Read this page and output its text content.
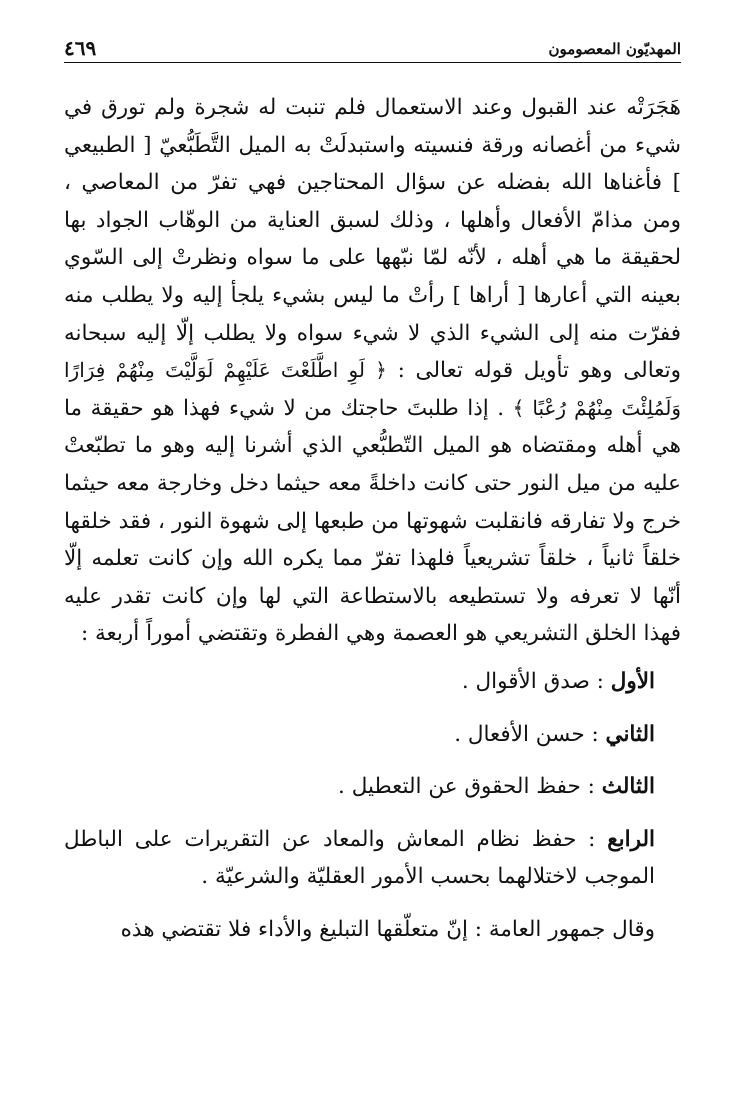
المهديّون المعصومون
٤٦٩

هَجَرَتْه عند القبول وعند الاستعمال فلم تنبت له شجرة ولم تورق في شيء من أغصانه ورقة فنسيته واستبدلَتْ به الميل التَّطَبُّعيّ [ الطبيعي ] فأغناها الله بفضله عن سؤال المحتاجين فهي تفرّ من المعاصي ، ومن مذامّ الأفعال وأهلها ، وذلك لسبق العناية من الوهّاب الجواد بها لحقيقة ما هي أهله ، لأنّه لمّا نبّهها على ما سواه ونظرتْ إلى السّوي بعينه التي أعارها [ أراها ] رأتْ ما ليس بشيء يلجأ إليه ولا يطلب منه ففرّت منه إلى الشيء الذي لا شيء سواه ولا يطلب إلّا إليه سبحانه وتعالى وهو تأويل قوله تعالى : ﴿ لَوِ اطَّلَعْتَ عَلَيْهِمْ لَوَلَّيْتَ مِنْهُمْ فِرَارًا وَلَمُلِئْتَ مِنْهُمْ رُعْبًا ﴾ . إذا طلبتَ حاجتك من لا شيء فهذا هو حقيقة ما هي أهله ومقتضاه هو الميل التّطبُّعي الذي أشرنا إليه وهو ما تطبّعتْ عليه من ميل النور حتى كانت داخلةً معه حيثما دخل وخارجة معه حيثما خرج ولا تفارقه فانقلبت شهوتها من طبعها إلى شهوة النور ، فقد خلقها خلقاً ثانياً ، خلقاً تشريعياً فلهذا تفرّ مما يكره الله وإن كانت تعلمه إلّا أنّها لا تعرفه ولا تستطيعه بالاستطاعة التي لها وإن كانت تقدر عليه فهذا الخلق التشريعي هو العصمة وهي الفطرة وتقتضي أموراً أربعة :

الأول : صدق الأقوال .

الثاني : حسن الأفعال .

الثالث : حفظ الحقوق عن التعطيل .

الرابع : حفظ نظام المعاش والمعاد عن التقريرات على الباطل الموجب لاختلالهما بحسب الأمور العقليّة والشرعيّة .

وقال جمهور العامة : إنّ متعلّقها التبليغ والأداء فلا تقتضي هذه
